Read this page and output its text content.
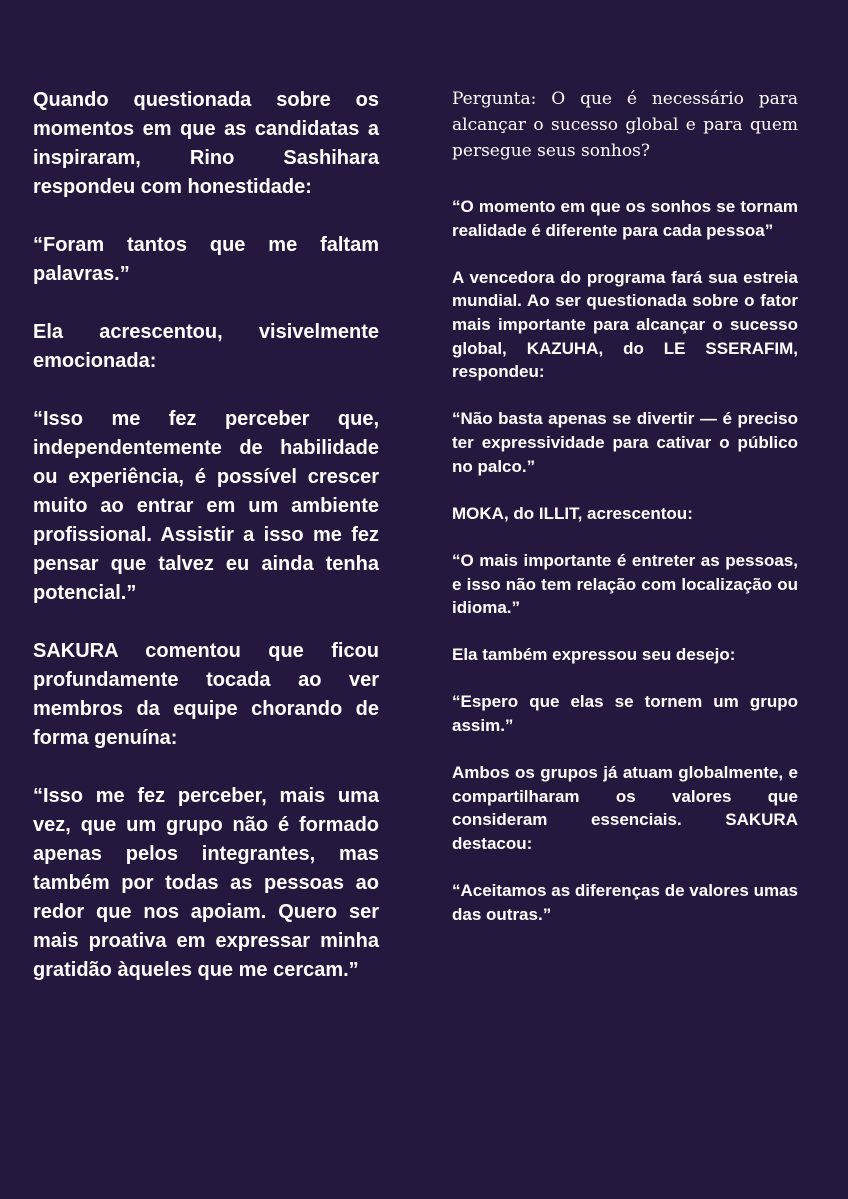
Quando questionada sobre os momentos em que as candidatas a inspiraram, Rino Sashihara respondeu com honestidade:

“Foram tantos que me faltam palavras.”

Ela acrescentou, visivelmente emocionada:

“Isso me fez perceber que, independentemente de habilidade ou experiência, é possível crescer muito ao entrar em um ambiente profissional. Assistir a isso me fez pensar que talvez eu ainda tenha potencial.”

SAKURA comentou que ficou profundamente tocada ao ver membros da equipe chorando de forma genuína:

“Isso me fez perceber, mais uma vez, que um grupo não é formado apenas pelos integrantes, mas também por todas as pessoas ao redor que nos apoiam. Quero ser mais proativa em expressar minha gratidão àqueles que me cercam.”

Pergunta: O que é necessário para alcançar o sucesso global e para quem persegue seus sonhos?

“O momento em que os sonhos se tornam realidade é diferente para cada pessoa”

A vencedora do programa fará sua estreia mundial. Ao ser questionada sobre o fator mais importante para alcançar o sucesso global, KAZUHA, do LE SSERAFIM, respondeu:

“Não basta apenas se divertir — é preciso ter expressividade para cativar o público no palco.”

MOKA, do ILLIT, acrescentou:

“O mais importante é entreter as pessoas, e isso não tem relação com localização ou idioma.”

Ela também expressou seu desejo:

“Espero que elas se tornem um grupo assim.”

Ambos os grupos já atuam globalmente, e compartilharam os valores que consideram essenciais. SAKURA destacou:

“Aceitamos as diferenças de valores umas das outras.”
